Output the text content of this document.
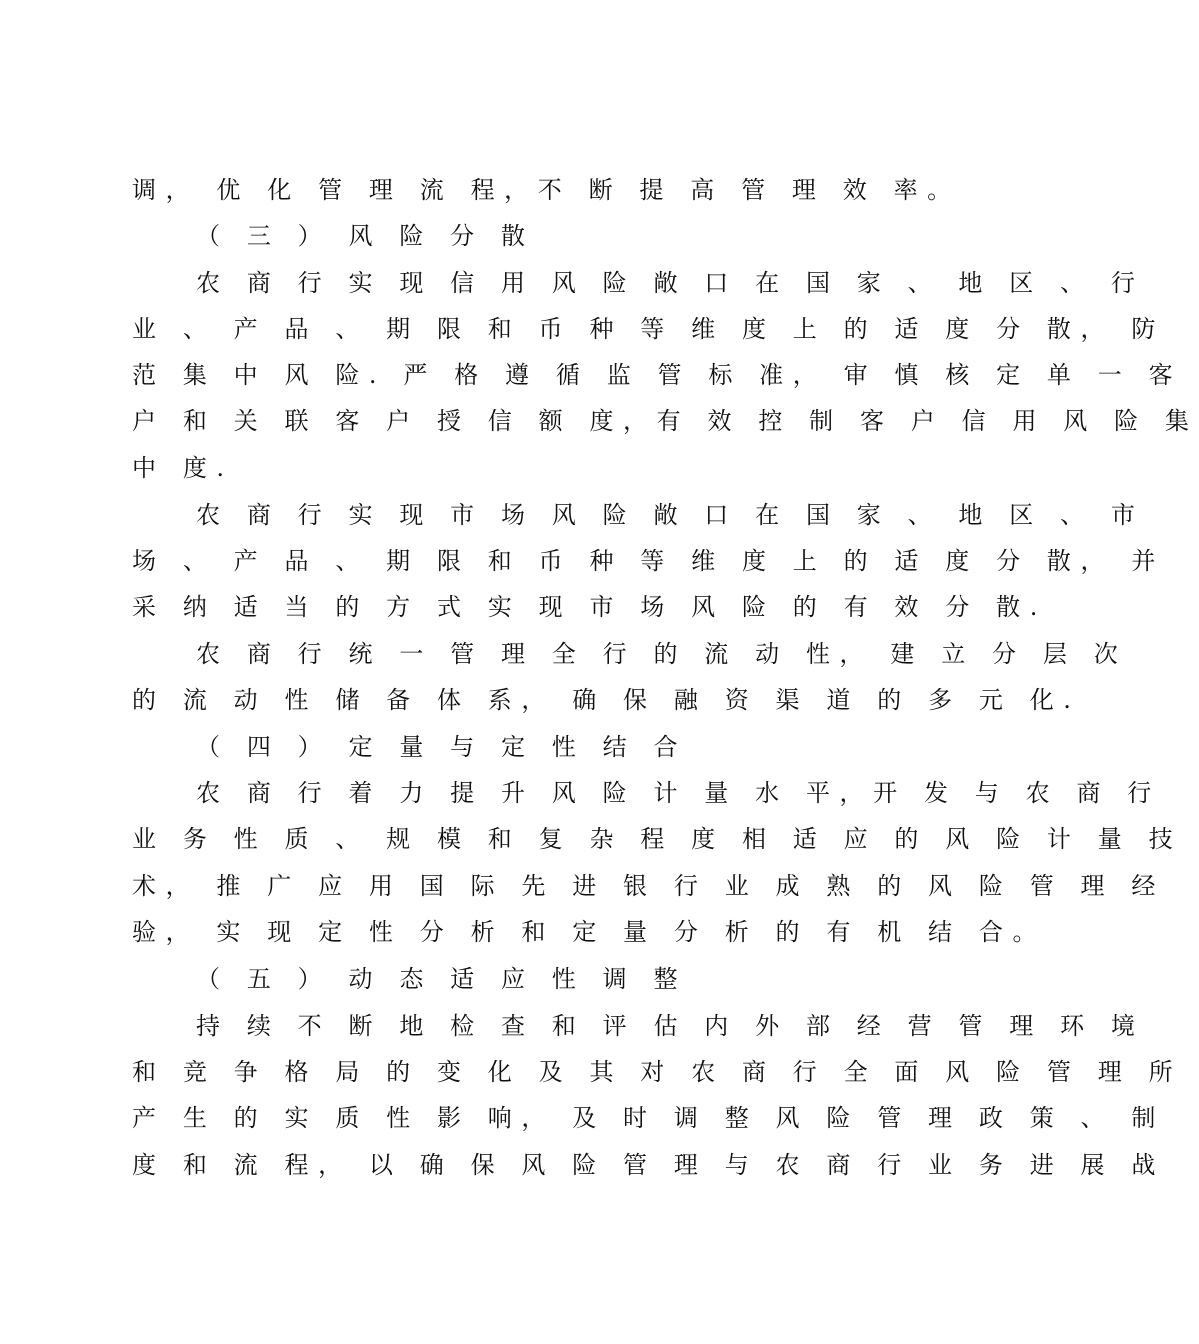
调， 优 化 管 理 流 程，不 断 提 高 管 理 效 率。
（ 三 ） 风 险 分 散
农 商 行 实 现 信 用 风 险 敞 口 在 国 家 、 地 区 、 行
业 、 产 品 、 期 限 和 币 种 等 维 度 上 的 适 度 分 散， 防
范 集 中 风 险. 严 格 遵 循 监 管 标 准， 审 慎 核 定 单 一 客
户 和 关 联 客 户 授 信 额 度，有 效 控 制 客 户 信 用 风 险 集
中 度.
农 商 行 实 现 市 场 风 险 敞 口 在 国 家 、 地 区 、 市
场 、 产 品 、 期 限 和 币 种 等 维 度 上 的 适 度 分 散， 并
采 纳 适 当 的 方 式 实 现 市 场 风 险 的 有 效 分 散.
农 商 行 统 一 管 理 全 行 的 流 动 性， 建 立 分 层 次
的 流 动 性 储 备 体 系， 确 保 融 资 渠 道 的 多 元 化.
（ 四 ） 定 量 与 定 性 结 合
农 商 行 着 力 提 升 风 险 计 量 水 平，开 发 与 农 商 行
业 务 性 质 、 规 模 和 复 杂 程 度 相 适 应 的 风 险 计 量 技
术， 推 广 应 用 国 际 先 进 银 行 业 成 熟 的 风 险 管 理 经
验， 实 现 定 性 分 析 和 定 量 分 析 的 有 机 结 合。
（ 五 ） 动 态 适 应 性 调 整
持 续 不 断 地 检 查 和 评 估 内 外 部 经 营 管 理 环 境
和 竞 争 格 局 的 变 化 及 其 对 农 商 行 全 面 风 险 管 理 所
产 生 的 实 质 性 影 响， 及 时 调 整 风 险 管 理 政 策 、 制
度 和 流 程， 以 确 保 风 险 管 理 与 农 商 行 业 务 进 展 战
